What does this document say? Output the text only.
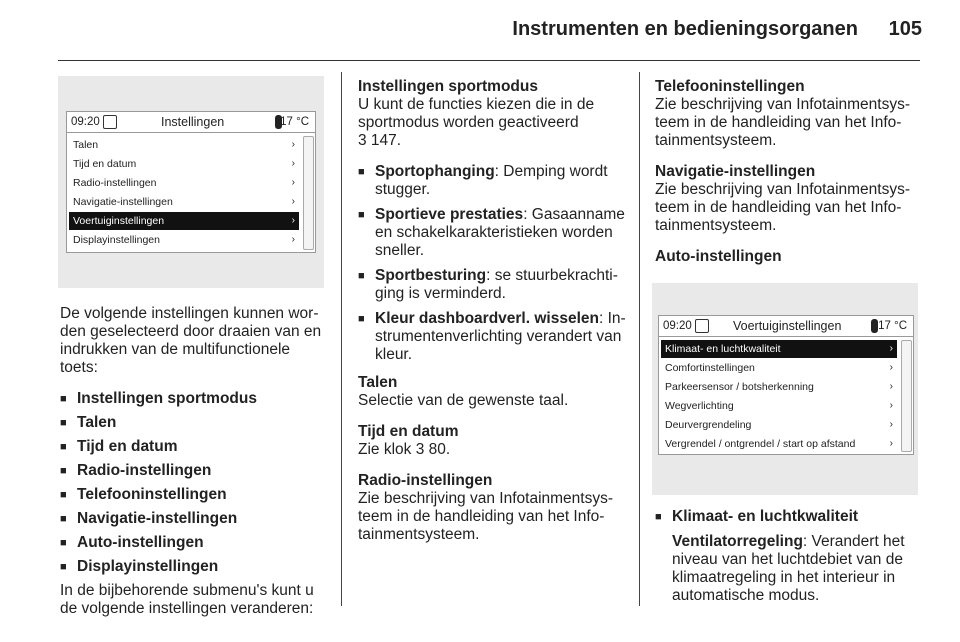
Instrumenten en bedieningsorganen 105
09:20	Instellingen	17 °C
Talen	›
Tijd en datum	›
Radio-instellingen	›
Navigatie-instellingen	›
Voertuiginstellingen	›
Displayinstellingen	›

De volgende instellingen kunnen wor-den geselecteerd door draaien van en indrukken van de multifunctionele toets:

■ Instellingen sportmodus
■ Talen
■ Tijd en datum
■ Radio-instellingen
■ Telefooninstellingen
■ Navigatie-instellingen
■ Auto-instellingen
■ Displayinstellingen

In de bijbehorende submenu's kunt u de volgende instellingen veranderen:

Instellingen sportmodus
U kunt de functies kiezen die in de sportmodus worden geactiveerd
3 147.

■ Sportophanging: Demping wordt stugger.
■ Sportieve prestaties: Gasaanname en schakelkarakteristieken worden sneller.
■ Sportbesturing: se stuurbekrachti-ging is verminderd.
■ Kleur dashboardverl. wisselen: In-strumentenverlichting verandert van kleur.

Talen
Selectie van de gewenste taal.

Tijd en datum
Zie klok 3 80.

Radio-instellingen
Zie beschrijving van Infotainmentsys-teem in de handleiding van het Info-tainmentsysteem.

Telefooninstellingen
Zie beschrijving van Infotainmentsys-teem in de handleiding van het Info-tainmentsysteem.

Navigatie-instellingen
Zie beschrijving van Infotainmentsys-teem in de handleiding van het Info-tainmentsysteem.

Auto-instellingen

09:20	Voertuiginstellingen	17 °C
Klimaat- en luchtkwaliteit	›
Comfortinstellingen	›
Parkeersensor / botsherkenning	›
Wegverlichting	›
Deurvergrendeling	›
Vergrendel / ontgrendel / start op afstand	›
■ Klimaat- en luchtkwaliteit
Ventilatorregeling: Verandert het niveau van het luchtdebiet van de klimaatregeling in het interieur in automatische modus.
